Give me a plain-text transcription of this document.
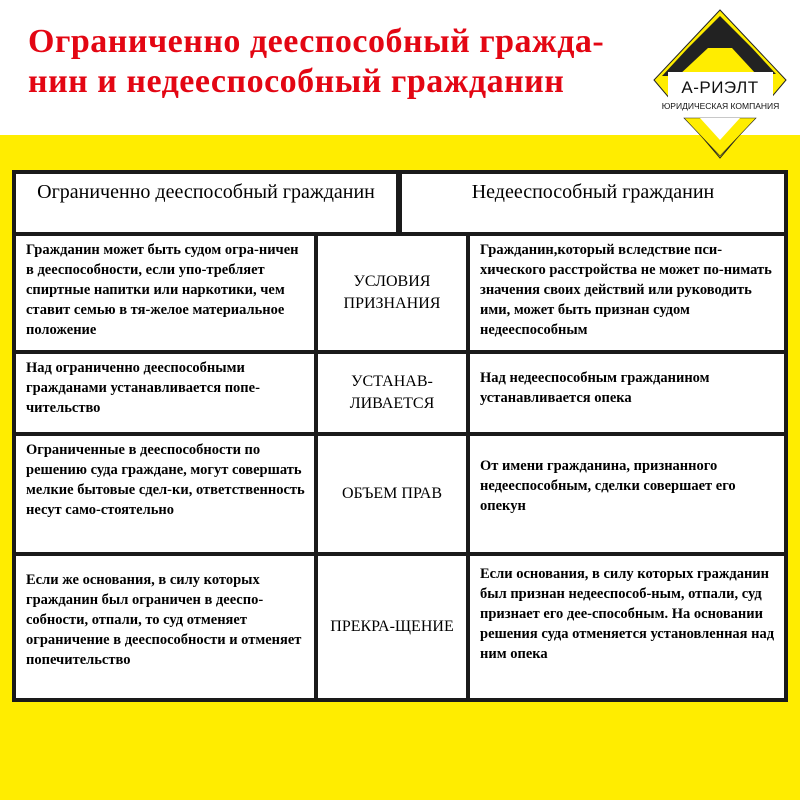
Ограниченно дееспособный гражда-
нин и недееспособный гражданин	А-РИЭЛТ
ЮРИДИЧЕСКАЯ КОМПАНИЯ
Ограниченно дееспособный гражданин	Недееспособный гражданин
Гражданин может быть судом огра-ничен в дееспособности, если упо-требляет спиртные напитки или наркотики, чем ставит семью в тя-желое материальное положение
УСЛОВИЯ ПРИЗНАНИЯ
Гражданин,который вследствие пси-хического расстройства не может по-нимать значения своих действий или руководить ими, может быть признан судом недееспособным
Над ограниченно дееспособными гражданами устанавливается попе-чительство
УСТАНАВ-ЛИВАЕТСЯ
Над недееспособным гражданином устанавливается опека
Ограниченные в дееспособности по решению суда граждане, могут совершать мелкие бытовые сдел-ки, ответственность несут само-стоятельно
ОБЪЕМ ПРАВ
От имени гражданина, признанного недееспособным, сделки совершает его опекун
Если же основания, в силу которых гражданин был ограничен в дееспо-собности, отпали, то суд отменяет ограничение в дееспособности и отменяет попечительство
ПРЕКРА-ЩЕНИЕ
Если основания, в силу которых гражданин был признан недееспособ-ным, отпали, суд признает его дее-способным. На основании решения суда отменяется установленная над ним опека
